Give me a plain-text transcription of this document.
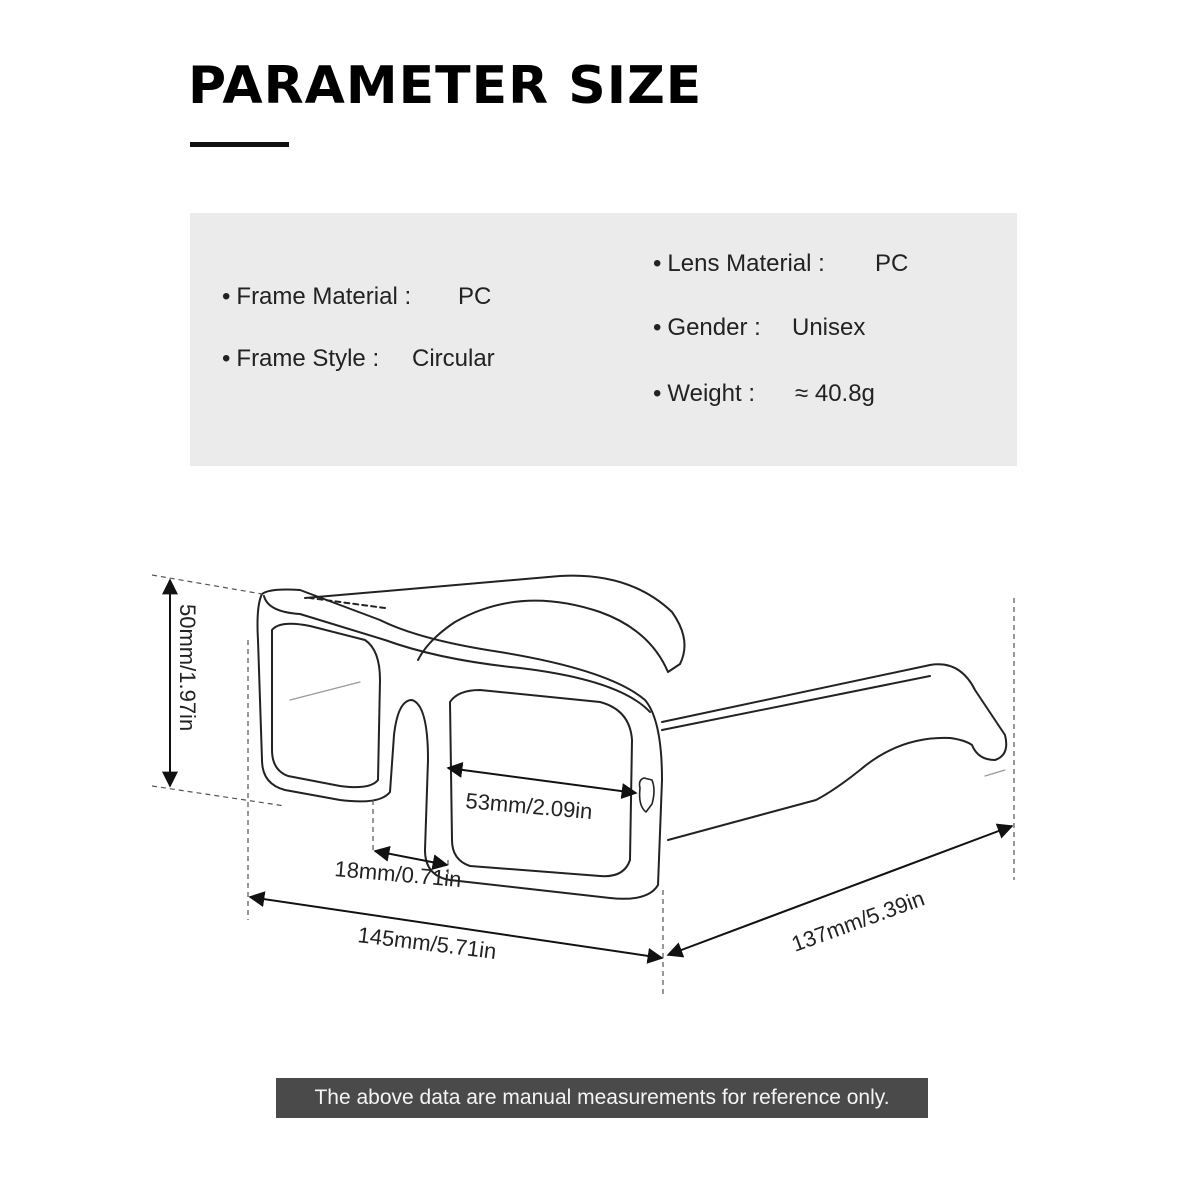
PARAMETER SIZE
• Frame Material : PC
• Frame Style : Circular
• Lens Material : PC
• Gender : Unisex
• Weight : ≈ 40.8g
50mm/1.97in
53mm/2.09in
18mm/0.71in
145mm/5.71in	137mm/5.39in
The above data are manual measurements for reference only.
